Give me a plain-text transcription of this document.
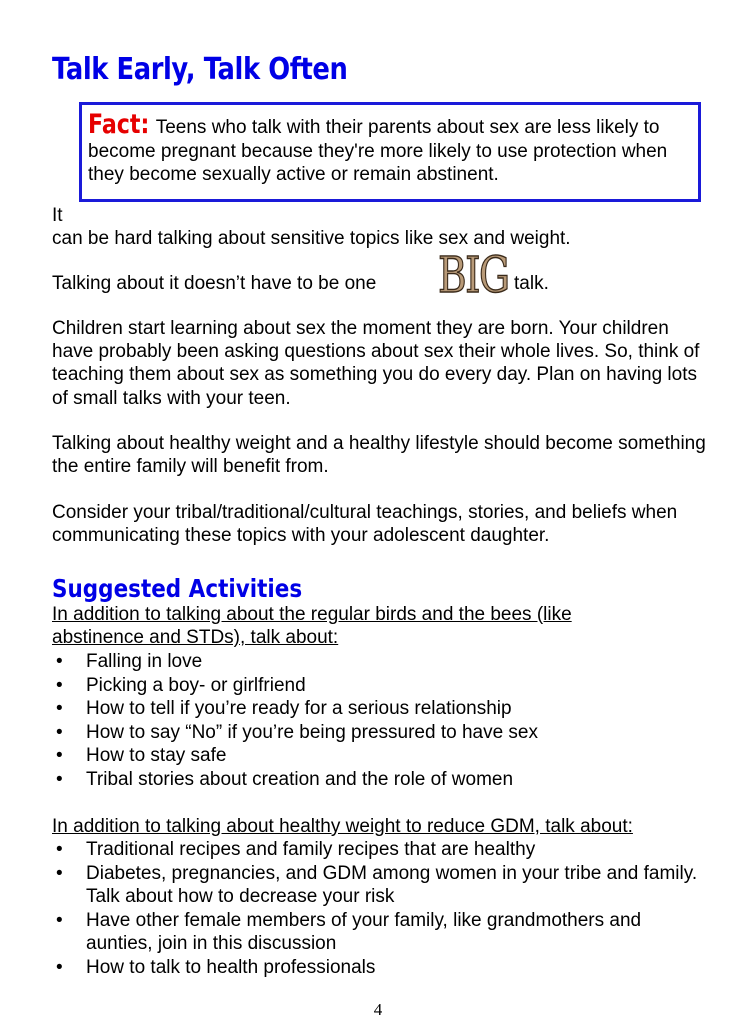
Talk Early, Talk Often
Fact: Teens who talk with their parents about sex are less likely to become pregnant because they're more likely to use protection when they become sexually active or remain abstinent.

It

can be hard talking about sensitive topics like sex and weight.

Talking about it doesn’t have to be one BIG talk.

Children start learning about sex the moment they are born. Your children have probably been asking questions about sex their whole lives. So, think of teaching them about sex as something you do every day. Plan on having lots of small talks with your teen.

Talking about healthy weight and a healthy lifestyle should become something the entire family will benefit from.

Consider your tribal/traditional/cultural teachings, stories, and beliefs when communicating these topics with your adolescent daughter.

Suggested Activities

In addition to talking about the regular birds and the bees (like abstinence and STDs), talk about:

• Falling in love
• Picking a boy- or girlfriend
• How to tell if you’re ready for a serious relationship
• How to say “No” if you’re being pressured to have sex
• How to stay safe
• Tribal stories about creation and the role of women

In addition to talking about healthy weight to reduce GDM, talk about:

• Traditional recipes and family recipes that are healthy
• Diabetes, pregnancies, and GDM among women in your tribe and family. Talk about how to decrease your risk
• Have other female members of your family, like grandmothers and aunties, join in this discussion
• How to talk to health professionals
4
